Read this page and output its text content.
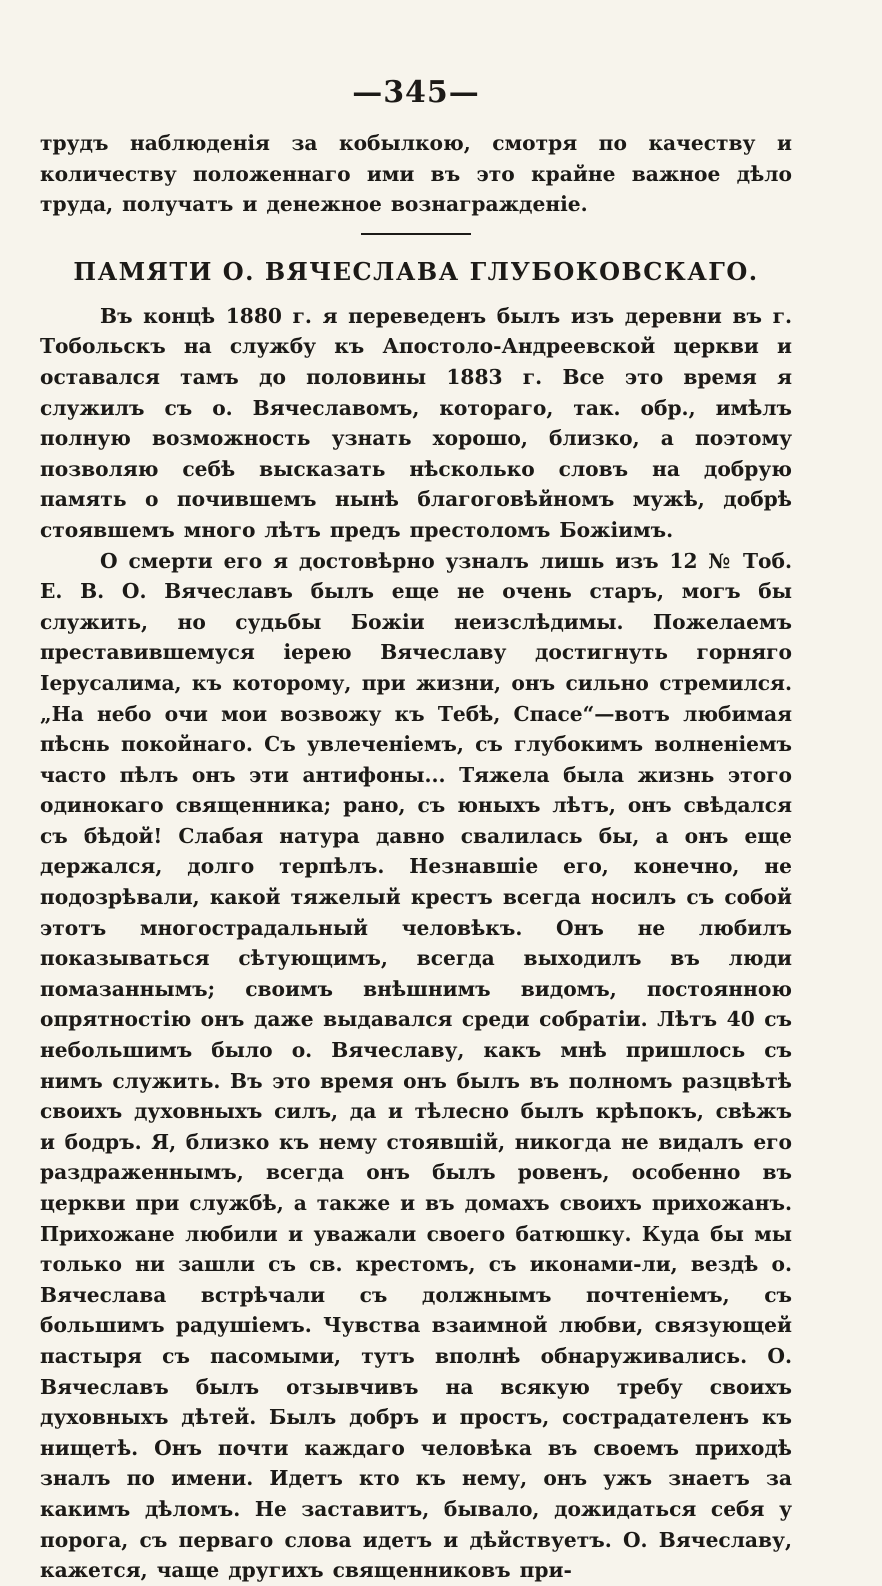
—345—

трудъ наблюденія за кобылкою, смотря по качеству и количеству положеннаго ими въ это крайне важное дѣло труда, получатъ и денежное вознагражденіе.

ПАМЯТИ О. ВЯЧЕСЛАВА ГЛУБОКОВСКАГО.

Въ концѣ 1880 г. я переведенъ былъ изъ деревни въ г. Тобольскъ на службу къ Апостоло-Андреевской церкви и оставался тамъ до половины 1883 г. Все это время я служилъ съ о. Вячеславомъ, котораго, так. обр., имѣлъ полную возможность узнать хорошо, близко, а поэтому позволяю себѣ высказать нѣсколько словъ на добрую память о почившемъ нынѣ благоговѣйномъ мужѣ, добрѣ стоявшемъ много лѣтъ предъ престоломъ Божіимъ.

О смерти его я достовѣрно узналъ лишь изъ 12 № Тоб. Е. В. О. Вячеславъ былъ еще не очень старъ, могъ бы служить, но судьбы Божіи неизслѣдимы. Пожелаемъ преставившемуся іерею Вячеславу достигнуть горняго Іерусалима, къ которому, при жизни, онъ сильно стремился. „На небо очи мои возвожу къ Тебѣ, Спасе“—вотъ любимая пѣснь покойнаго. Съ увлеченіемъ, съ глубокимъ волненіемъ часто пѣлъ онъ эти антифоны... Тяжела была жизнь этого одинокаго священника; рано, съ юныхъ лѣтъ, онъ свѣдался съ бѣдой! Слабая натура давно свалилась бы, а онъ еще держался, долго терпѣлъ. Незнавшіе его, конечно, не подозрѣвали, какой тяжелый крестъ всегда носилъ съ собой этотъ многострадальный человѣкъ. Онъ не любилъ показываться сѣтующимъ, всегда выходилъ въ люди помазаннымъ; своимъ внѣшнимъ видомъ, постоянною опрятностію онъ даже выдавался среди собратіи. Лѣтъ 40 съ небольшимъ было о. Вячеславу, какъ мнѣ пришлось съ нимъ служить. Въ это время онъ былъ въ полномъ разцвѣтѣ своихъ духовныхъ силъ, да и тѣлесно былъ крѣпокъ, свѣжъ и бодръ. Я, близко къ нему стоявшій, никогда не видалъ его раздраженнымъ, всегда онъ былъ ровенъ, особенно въ церкви при службѣ, а также и въ домахъ своихъ прихожанъ. Прихожане любили и уважали своего батюшку. Куда бы мы только ни зашли съ св. крестомъ, съ иконами-ли, вездѣ о. Вячеслава встрѣчали съ должнымъ почтеніемъ, съ большимъ радушіемъ. Чувства взаимной любви, связующей пастыря съ пасомыми, тутъ вполнѣ обнаруживались. О. Вячеславъ былъ отзывчивъ на всякую требу своихъ духовныхъ дѣтей. Былъ добръ и простъ, сострадателенъ къ нищетѣ. Онъ почти каждаго человѣка въ своемъ приходѣ зналъ по имени. Идетъ кто къ нему, онъ ужъ знаетъ за какимъ дѣломъ. Не заставитъ, бывало, дожидаться себя у порога, съ перваго слова идетъ и дѣйствуетъ. О. Вячеславу, кажется, чаще другихъ священниковъ при-
